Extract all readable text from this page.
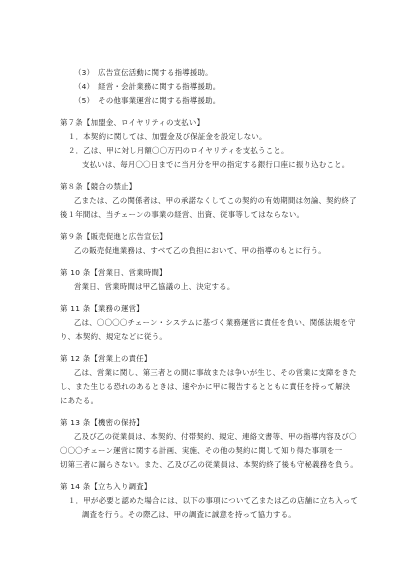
（3）　広告宣伝活動に関する指導援助。
（4）　経営・会計業務に関する指導援助。
（5）　その他事業運営に関する指導援助。
第７条【加盟金、ロイヤリティの支払い】
１．本契約に関しては、加盟金及び保証金を設定しない。
２．乙は、甲に対し月額〇〇万円のロイヤリティを支払うこと。
支払いは、毎月〇〇日までに当月分を甲の指定する銀行口座に振り込むこと。
第８条【競合の禁止】
乙または、乙の関係者は、甲の承諾なくしてこの契約の有効期間は勿論、契約終了
後１年間は、当チェーンの事業の経営、出資、従事等してはならない。
第９条【販売促進と広告宣伝】
乙の販売促進業務は、すべて乙の負担において、甲の指導のもとに行う。
第 10 条【営業日、営業時間】
営業日、営業時間は甲乙協議の上、決定する。
第 11 条【業務の運営】
乙は、〇〇〇〇チェーン・システムに基づく業務運営に責任を負い、関係法規を守
り、本契約、規定などに従う。
第 12 条【営業上の責任】
乙は、営業に関し、第三者との間に事故または争いが生じ、その営業に支障をきた
し、また生じる恐れのあるときは、速やかに甲に報告するとともに責任を持って解決
にあたる。
第 13 条【機密の保持】
乙及び乙の従業員は、本契約、付帯契約、規定、連絡文書等、甲の指導内容及び〇
〇〇〇チェーン運営に関する計画、実施、その他の契約に関して知り得た事項を一
切第三者に漏らさない。また、乙及び乙の従業員は、本契約終了後も守秘義務を負う。
第 14 条【立ち入り調査】
１．甲が必要と認めた場合には、以下の事項について乙または乙の店舗に立ち入って
調査を行う。その際乙は、甲の調査に誠意を持って協力する。
